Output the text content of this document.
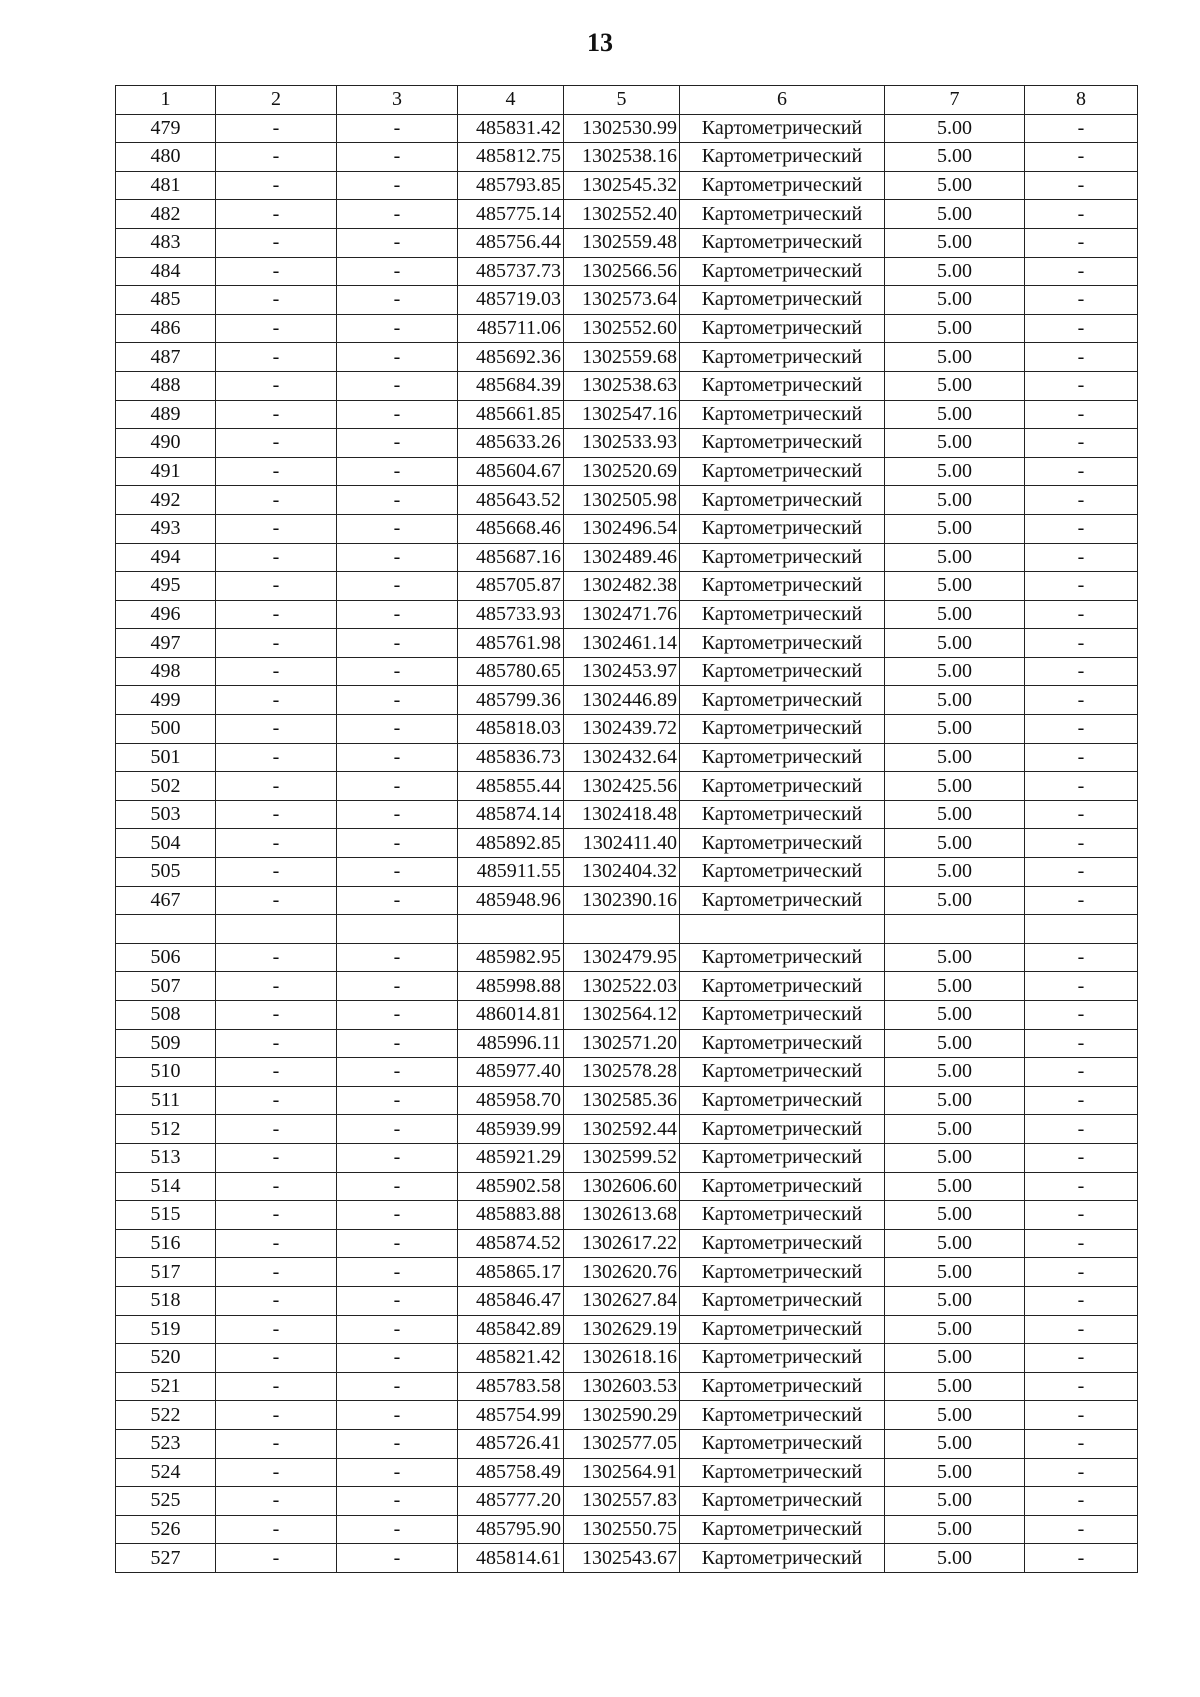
13
1	2	3	4	5	6	7	8
479	-	-	485831.42	1302530.99	Картометрический	5.00	-
480	-	-	485812.75	1302538.16	Картометрический	5.00	-
481	-	-	485793.85	1302545.32	Картометрический	5.00	-
482	-	-	485775.14	1302552.40	Картометрический	5.00	-
483	-	-	485756.44	1302559.48	Картометрический	5.00	-
484	-	-	485737.73	1302566.56	Картометрический	5.00	-
485	-	-	485719.03	1302573.64	Картометрический	5.00	-
486	-	-	485711.06	1302552.60	Картометрический	5.00	-
487	-	-	485692.36	1302559.68	Картометрический	5.00	-
488	-	-	485684.39	1302538.63	Картометрический	5.00	-
489	-	-	485661.85	1302547.16	Картометрический	5.00	-
490	-	-	485633.26	1302533.93	Картометрический	5.00	-
491	-	-	485604.67	1302520.69	Картометрический	5.00	-
492	-	-	485643.52	1302505.98	Картометрический	5.00	-
493	-	-	485668.46	1302496.54	Картометрический	5.00	-
494	-	-	485687.16	1302489.46	Картометрический	5.00	-
495	-	-	485705.87	1302482.38	Картометрический	5.00	-
496	-	-	485733.93	1302471.76	Картометрический	5.00	-
497	-	-	485761.98	1302461.14	Картометрический	5.00	-
498	-	-	485780.65	1302453.97	Картометрический	5.00	-
499	-	-	485799.36	1302446.89	Картометрический	5.00	-
500	-	-	485818.03	1302439.72	Картометрический	5.00	-
501	-	-	485836.73	1302432.64	Картометрический	5.00	-
502	-	-	485855.44	1302425.56	Картометрический	5.00	-
503	-	-	485874.14	1302418.48	Картометрический	5.00	-
504	-	-	485892.85	1302411.40	Картометрический	5.00	-
505	-	-	485911.55	1302404.32	Картометрический	5.00	-
467	-	-	485948.96	1302390.16	Картометрический	5.00	-

506	-	-	485982.95	1302479.95	Картометрический	5.00	-
507	-	-	485998.88	1302522.03	Картометрический	5.00	-
508	-	-	486014.81	1302564.12	Картометрический	5.00	-
509	-	-	485996.11	1302571.20	Картометрический	5.00	-
510	-	-	485977.40	1302578.28	Картометрический	5.00	-
511	-	-	485958.70	1302585.36	Картометрический	5.00	-
512	-	-	485939.99	1302592.44	Картометрический	5.00	-
513	-	-	485921.29	1302599.52	Картометрический	5.00	-
514	-	-	485902.58	1302606.60	Картометрический	5.00	-
515	-	-	485883.88	1302613.68	Картометрический	5.00	-
516	-	-	485874.52	1302617.22	Картометрический	5.00	-
517	-	-	485865.17	1302620.76	Картометрический	5.00	-
518	-	-	485846.47	1302627.84	Картометрический	5.00	-
519	-	-	485842.89	1302629.19	Картометрический	5.00	-
520	-	-	485821.42	1302618.16	Картометрический	5.00	-
521	-	-	485783.58	1302603.53	Картометрический	5.00	-
522	-	-	485754.99	1302590.29	Картометрический	5.00	-
523	-	-	485726.41	1302577.05	Картометрический	5.00	-
524	-	-	485758.49	1302564.91	Картометрический	5.00	-
525	-	-	485777.20	1302557.83	Картометрический	5.00	-
526	-	-	485795.90	1302550.75	Картометрический	5.00	-
527	-	-	485814.61	1302543.67	Картометрический	5.00	-
